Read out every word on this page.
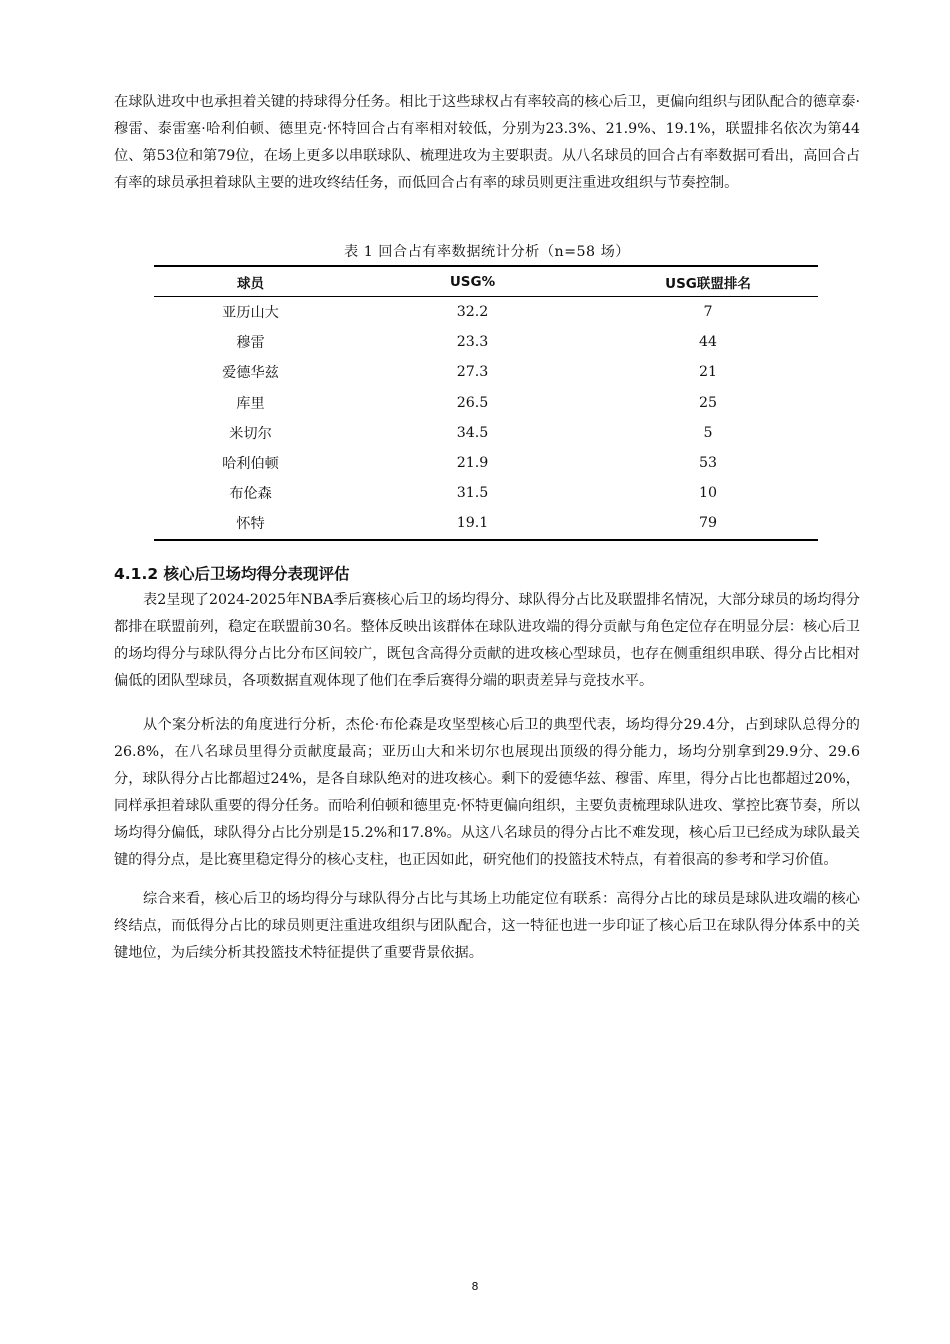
在球队进攻中也承担着关键的持球得分任务。相比于这些球权占有率较高的核心后卫，更偏向组织与团队配合的德章泰·穆雷、泰雷塞·哈利伯顿、德里克·怀特回合占有率相对较低，分别为23.3%、21.9%、19.1%，联盟排名依次为第44位、第53位和第79位，在场上更多以串联球队、梳理进攻为主要职责。从八名球员的回合占有率数据可看出，高回合占有率的球员承担着球队主要的进攻终结任务，而低回合占有率的球员则更注重进攻组织与节奏控制。

表 1 回合占有率数据统计分析（n=58 场）
球员	USG%	USG联盟排名
亚历山大	32.2	7
穆雷	23.3	44
爱德华兹	27.3	21
库里	26.5	25
米切尔	34.5	5
哈利伯顿	21.9	53
布伦森	31.5	10
怀特	19.1	79
4.1.2 核心后卫场均得分表现评估

表2呈现了2024-2025年NBA季后赛核心后卫的场均得分、球队得分占比及联盟排名情况，大部分球员的场均得分都排在联盟前列，稳定在联盟前30名。整体反映出该群体在球队进攻端的得分贡献与角色定位存在明显分层：核心后卫的场均得分与球队得分占比分布区间较广，既包含高得分贡献的进攻核心型球员，也存在侧重组织串联、得分占比相对偏低的团队型球员，各项数据直观体现了他们在季后赛得分端的职责差异与竞技水平。

从个案分析法的角度进行分析，杰伦·布伦森是攻坚型核心后卫的典型代表，场均得分29.4分，占到球队总得分的26.8%，在八名球员里得分贡献度最高；亚历山大和米切尔也展现出顶级的得分能力，场均分别拿到29.9分、29.6分，球队得分占比都超过24%，是各自球队绝对的进攻核心。剩下的爱德华兹、穆雷、库里，得分占比也都超过20%，同样承担着球队重要的得分任务。而哈利伯顿和德里克·怀特更偏向组织，主要负责梳理球队进攻、掌控比赛节奏，所以场均得分偏低，球队得分占比分别是15.2%和17.8%。从这八名球员的得分占比不难发现，核心后卫已经成为球队最关键的得分点，是比赛里稳定得分的核心支柱，也正因如此，研究他们的投篮技术特点，有着很高的参考和学习价值。

综合来看，核心后卫的场均得分与球队得分占比与其场上功能定位有联系：高得分占比的球员是球队进攻端的核心终结点，而低得分占比的球员则更注重进攻组织与团队配合，这一特征也进一步印证了核心后卫在球队得分体系中的关键地位，为后续分析其投篮技术特征提供了重要背景依据。

8
